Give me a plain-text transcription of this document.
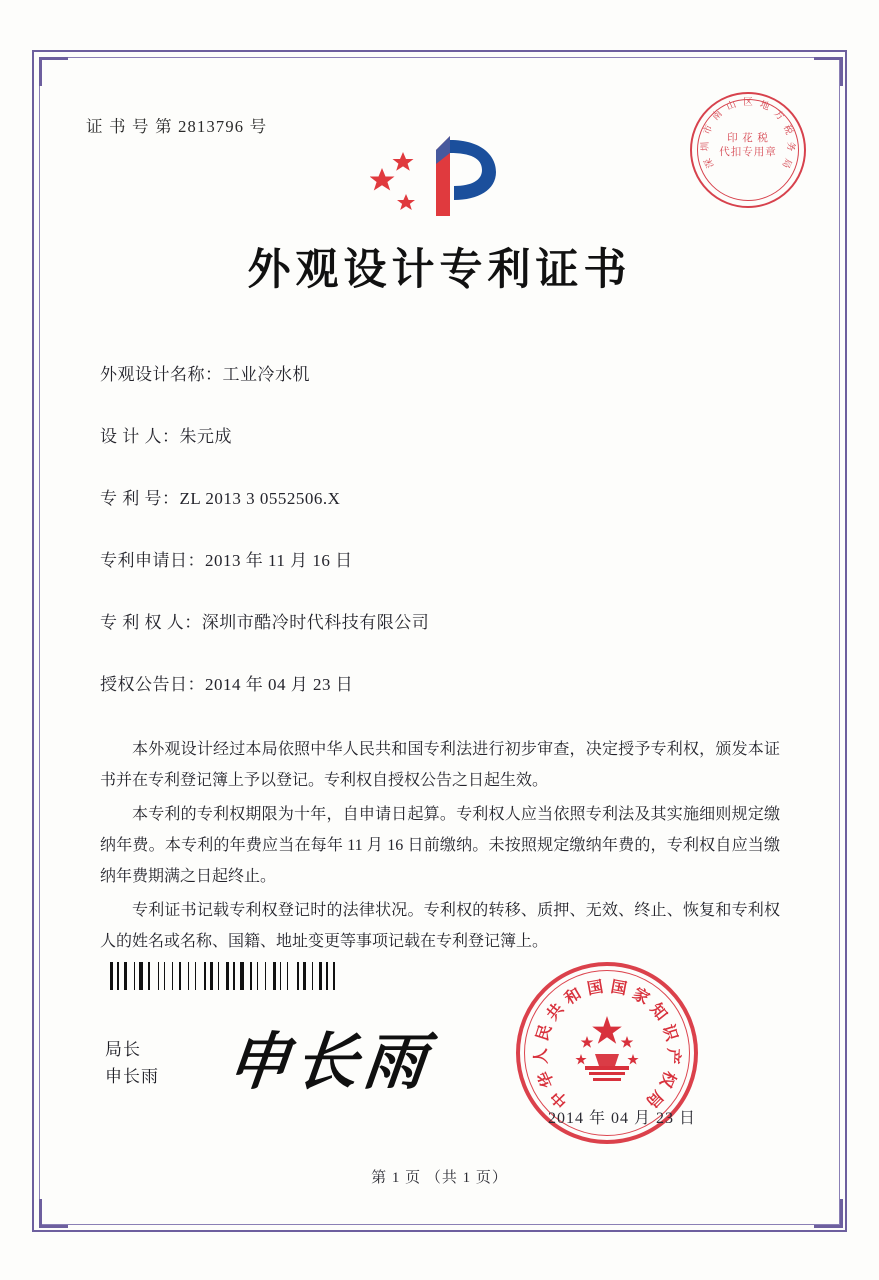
证 书 号 第 2813796 号
深
圳
市
南
山 区 地
方
税
务
局
印 花 税
代扣专用章
外观设计专利证书
外观设计名称：工业冷水机
设 计 人：朱元成
专 利 号：ZL 2013 3 0552506.X
专利申请日：2013 年 11 月 16 日
专 利 权 人：深圳市酷冷时代科技有限公司
授权公告日：2014 年 04 月 23 日

本外观设计经过本局依照中华人民共和国专利法进行初步审查，决定授予专利权，颁发本证书并在专利登记簿上予以登记。专利权自授权公告之日起生效。

本专利的专利权期限为十年，自申请日起算。专利权人应当依照专利法及其实施细则规定缴纳年费。本专利的年费应当在每年 11 月 16 日前缴纳。未按照规定缴纳年费的，专利权自应当缴纳年费期满之日起终止。

专利证书记载专利权登记时的法律状况。专利权的转移、质押、无效、终止、恢复和专利权人的姓名或名称、国籍、地址变更等事项记载在专利登记簿上。

局长
申长雨 申长雨
中
华
人
民
共
和 国 国 家
知
识
产
权
局
2014 年 04 月 23 日
第 1 页 （共 1 页）
